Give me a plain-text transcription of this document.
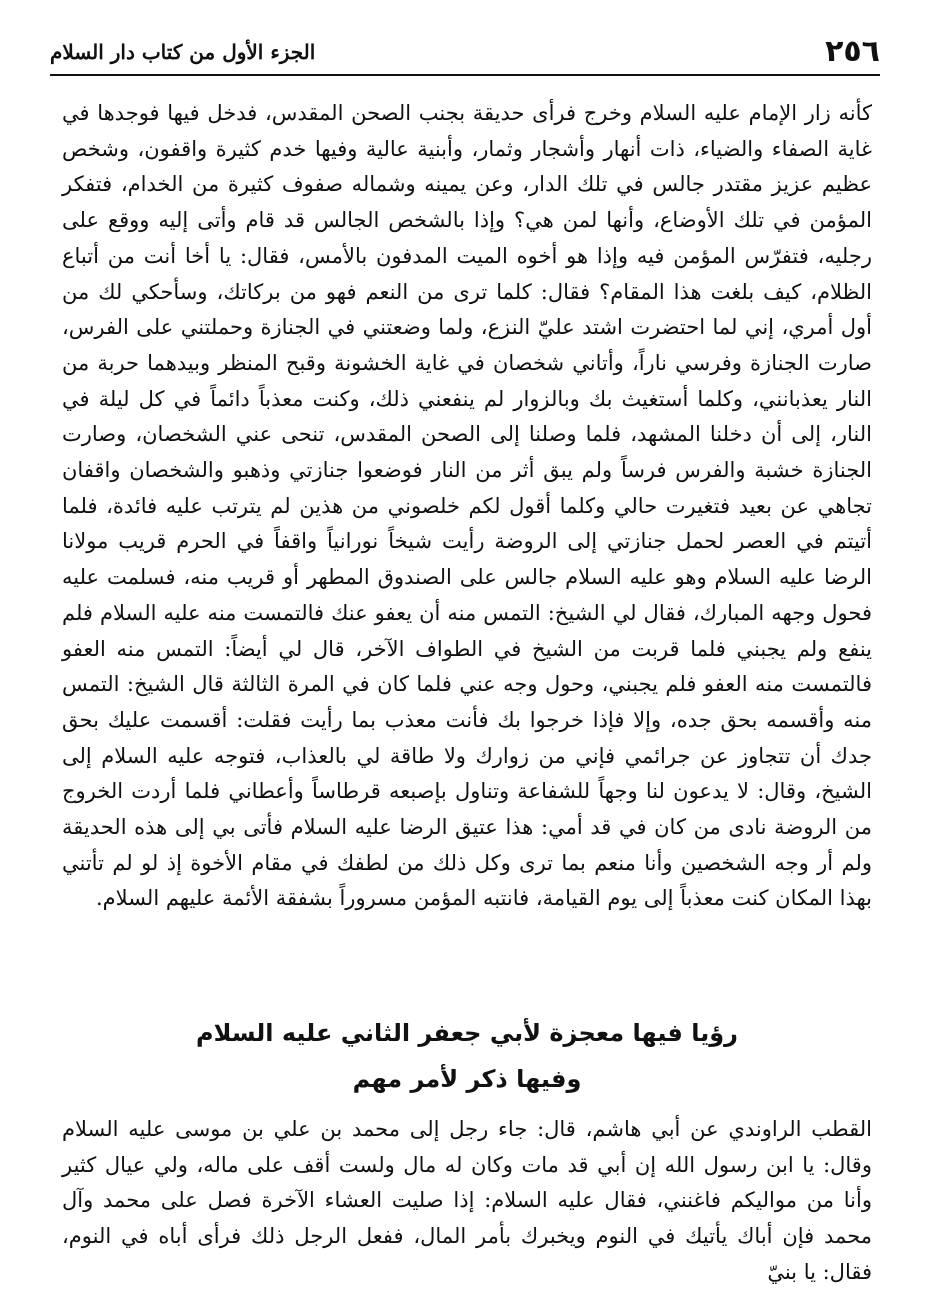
٢٥٦
الجزء الأول من كتاب دار السلام

كأنه زار الإمام عليه السلام وخرج فرأى حديقة بجنب الصحن المقدس، فدخل فيها فوجدها في غاية الصفاء والضياء، ذات أنهار وأشجار وثمار، وأبنية عالية وفيها خدم كثيرة واقفون، وشخص عظيم عزيز مقتدر جالس في تلك الدار، وعن يمينه وشماله صفوف كثيرة من الخدام، فتفكر المؤمن في تلك الأوضاع، وأنها لمن هي؟ وإذا بالشخص الجالس قد قام وأتى إليه ووقع على رجليه، فتفرّس المؤمن فيه وإذا هو أخوه الميت المدفون بالأمس، فقال: يا أخا أنت من أتباع الظلام، كيف بلغت هذا المقام؟ فقال: كلما ترى من النعم فهو من بركاتك، وسأحكي لك من أول أمري، إني لما احتضرت اشتد عليّ النزع، ولما وضعتني في الجنازة وحملتني على الفرس، صارت الجنازة وفرسي ناراً، وأتاني شخصان في غاية الخشونة وقبح المنظر وبيدهما حربة من النار يعذبانني، وكلما أستغيث بك وبالزوار لم ينفعني ذلك، وكنت معذباً دائماً في كل ليلة في النار، إلى أن دخلنا المشهد، فلما وصلنا إلى الصحن المقدس، تنحى عني الشخصان، وصارت الجنازة خشبة والفرس فرساً ولم يبق أثر من النار فوضعوا جنازتي وذهبو والشخصان واقفان تجاهي عن بعيد فتغيرت حالي وكلما أقول لكم خلصوني من هذين لم يترتب عليه فائدة، فلما أتيتم في العصر لحمل جنازتي إلى الروضة رأيت شيخاً نورانياً واقفاً في الحرم قريب مولانا الرضا عليه السلام وهو عليه السلام جالس على الصندوق المطهر أو قريب منه، فسلمت عليه فحول وجهه المبارك، فقال لي الشيخ: التمس منه أن يعفو عنك فالتمست منه عليه السلام فلم ينفع ولم يجبني فلما قربت من الشيخ في الطواف الآخر، قال لي أيضاً: التمس منه العفو فالتمست منه العفو فلم يجبني، وحول وجه عني فلما كان في المرة الثالثة قال الشيخ: التمس منه وأقسمه بحق جده، وإلا فإذا خرجوا بك فأنت معذب بما رأيت فقلت: أقسمت عليك بحق جدك أن تتجاوز عن جرائمي فإني من زوارك ولا طاقة لي بالعذاب، فتوجه عليه السلام إلى الشيخ، وقال: لا يدعون لنا وجهاً للشفاعة وتناول بإصبعه قرطاساً وأعطاني فلما أردت الخروج من الروضة نادى من كان في قد أمي: هذا عتيق الرضا عليه السلام فأتى بي إلى هذه الحديقة ولم أر وجه الشخصين وأنا منعم بما ترى وكل ذلك من لطفك في مقام الأخوة إذ لو لم تأتني بهذا المكان كنت معذباً إلى يوم القيامة، فانتبه المؤمن مسروراً بشفقة الأئمة عليهم السلام.

رؤيا فيها معجزة لأبي جعفر الثاني عليه السلام
وفيها ذكر لأمر مهم

القطب الراوندي عن أبي هاشم، قال: جاء رجل إلى محمد بن علي بن موسى عليه السلام وقال: يا ابن رسول الله إن أبي قد مات وكان له مال ولست أقف على ماله، ولي عيال كثير وأنا من مواليكم فاغنني، فقال عليه السلام: إذا صليت العشاء الآخرة فصل على محمد وآل محمد فإن أباك يأتيك في النوم ويخبرك بأمر المال، ففعل الرجل ذلك فرأى أباه في النوم، فقال: يا بنيّ
